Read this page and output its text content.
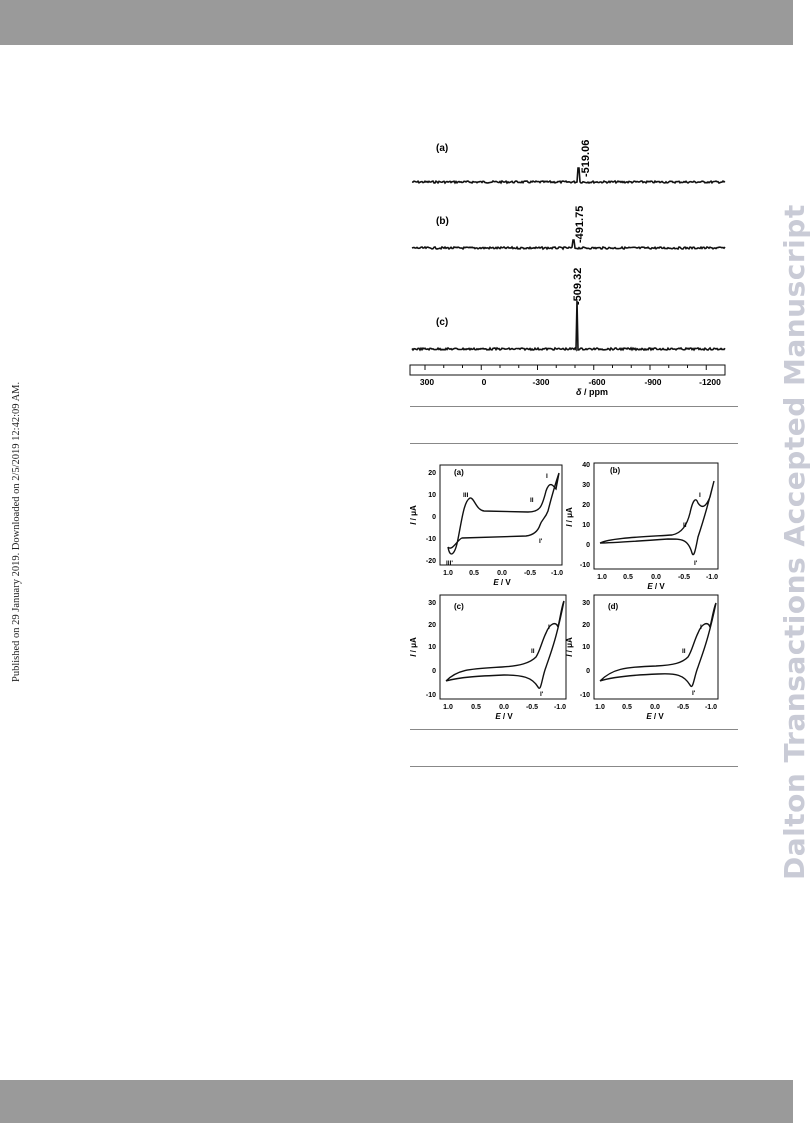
Published on 29 January 2019. Downloaded on 2/5/2019 12:42:09 AM.	Dalton Transactions Accepted Manuscript
(a)	-519.06
(b)	-491.75
(c)
-509.32
300	0	-300	-600	-900	-1200
δ / ppm
(a)
20
10
0
-10
-20
III
II
I
I'
III'
1.0 0.5	0.0 -0.5 -1.0
E / V
I / μA
(b)
40
30
20
10
0
-10
I
II
I'
1.0 0.5	0.0 -0.5 -1.0
E / V
I / μA
(c)
30
20
10
0
-10
I
II
I'
1.0	0.5	0.0 -0.5 -1.0
E / V
I / μA
(d)
30
20
10
0
-10
I
II
I'
1.0 0.5	0.0 -0.5 -1.0
E / V
I / μA
